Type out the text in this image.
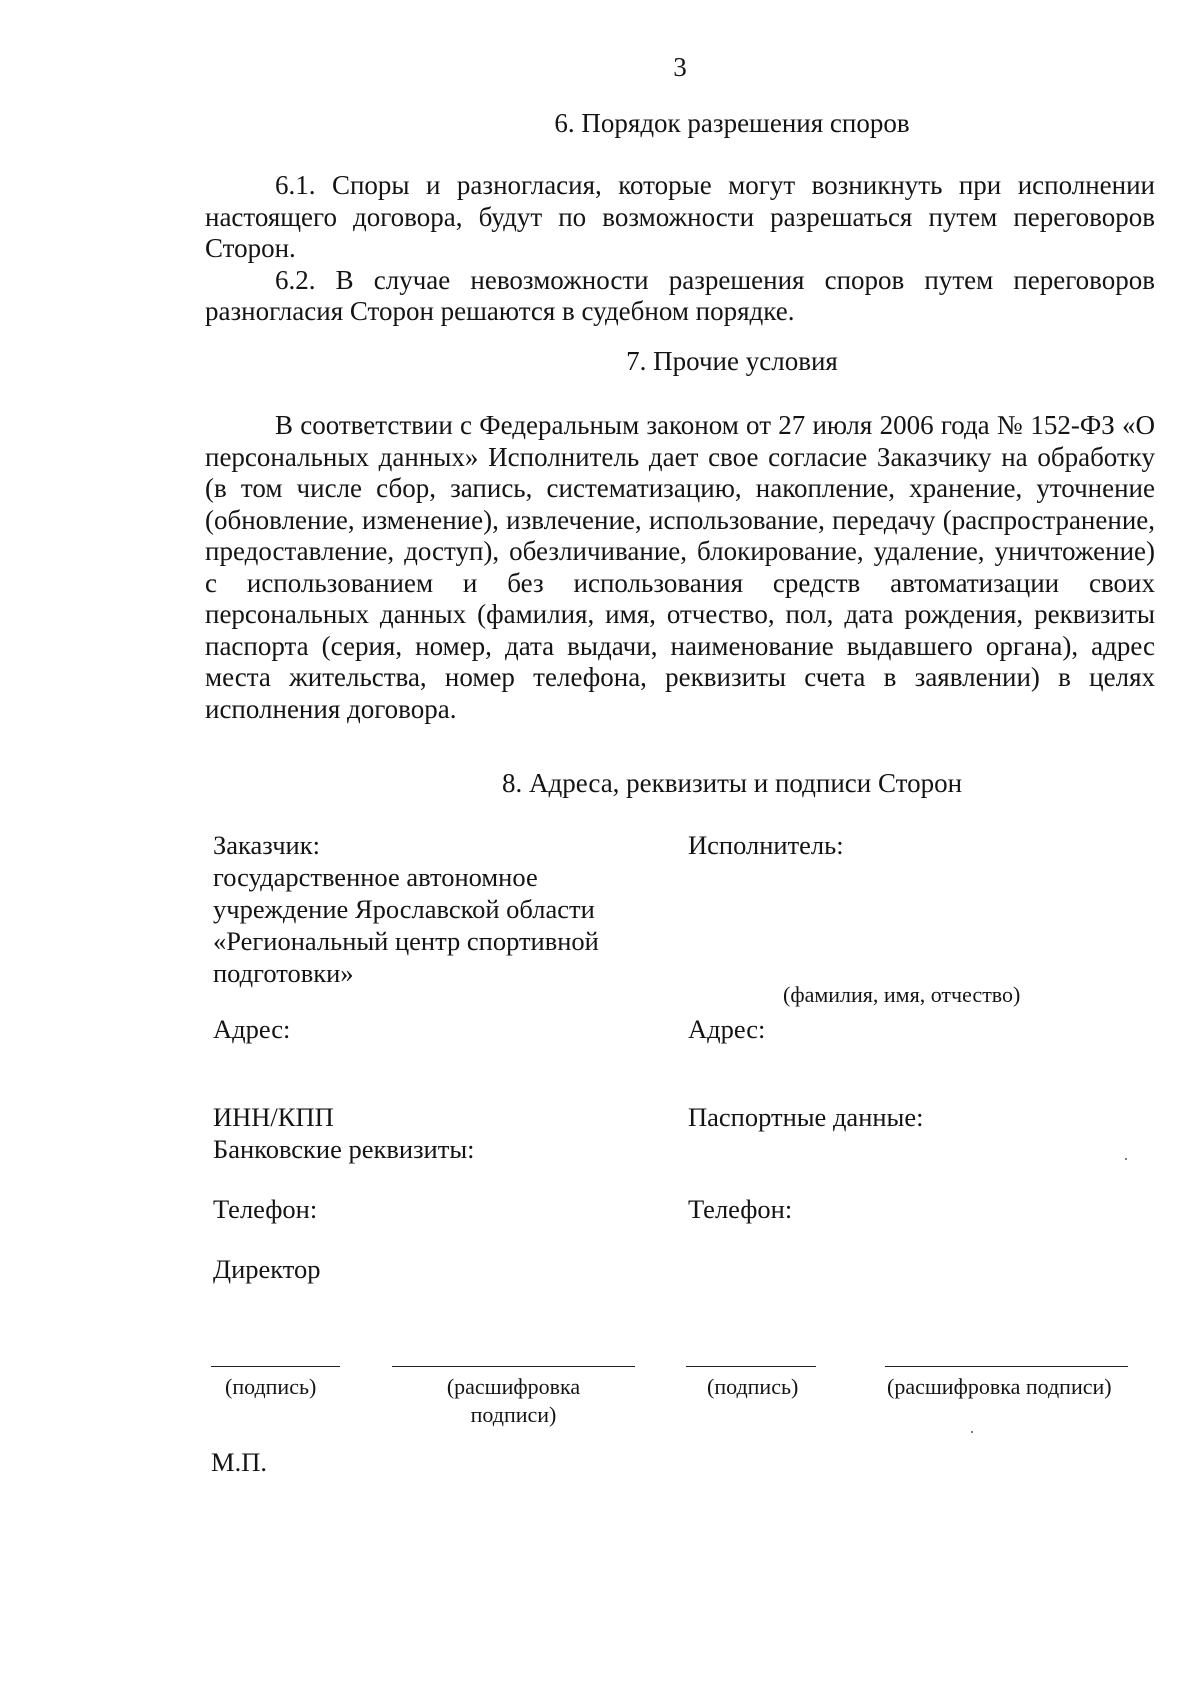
3
6. Порядок разрешения споров

6.1. Споры и разногласия, которые могут возникнуть при исполнении настоящего договора, будут по возможности разрешаться путем переговоров Сторон.

6.2. В случае невозможности разрешения споров путем переговоров разногласия Сторон решаются в судебном порядке.

7. Прочие условия

В соответствии с Федеральным законом от 27 июля 2006 года № 152-ФЗ «О персональных данных» Исполнитель дает свое согласие Заказчику на обработку (в том числе сбор, запись, систематизацию, накопление, хранение, уточнение (обновление, изменение), извлечение, использование, передачу (распространение, предоставление, доступ), обезличивание, блокирование, удаление, уничтожение) с использованием и без использования средств автоматизации своих персональных данных (фамилия, имя, отчество, пол, дата рождения, реквизиты паспорта (серия, номер, дата выдачи, наименование выдавшего органа), адрес места жительства, номер телефона, реквизиты счета в заявлении) в целях исполнения договора.

8. Адреса, реквизиты и подписи Сторон
Заказчик:
государственное автономное
учреждение Ярославской области
«Региональный центр спортивной
подготовки»
Адрес:
ИНН/КПП
Банковские реквизиты:
Телефон:
Директор
Исполнитель:
(фамилия, имя, отчество)
Адрес:
Паспортные данные:
Телефон:
(подпись)	(расшифровка
подписи)
(подпись)	(расшифровка подписи)
М.П.
